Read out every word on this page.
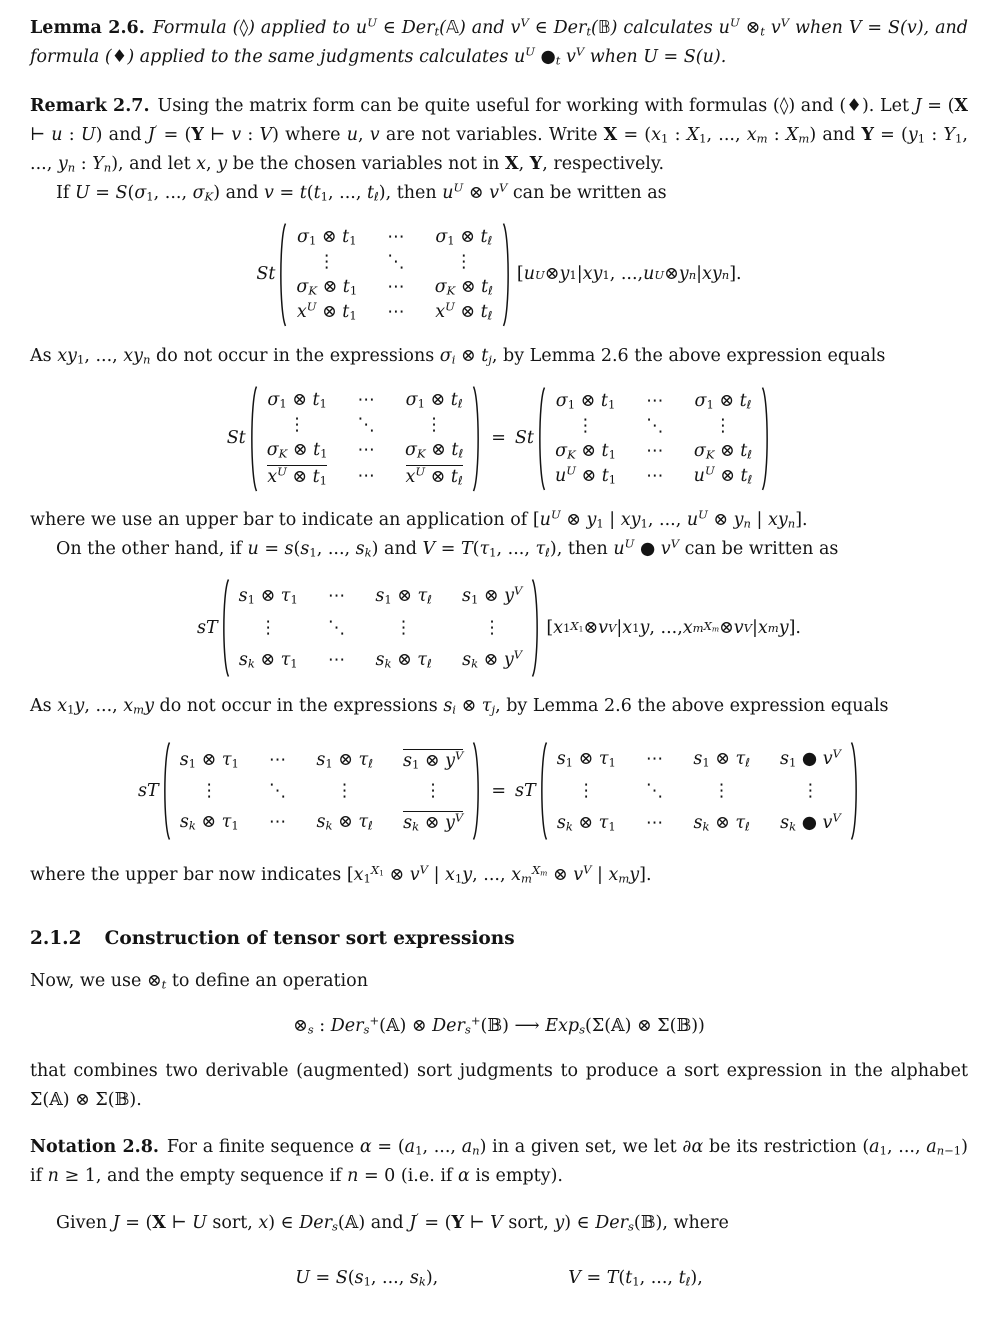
Lemma 2.6. Formula (◊) applied to $u^U$ ∈ Dert(𝔸) and $v^V$ ∈ Dert(𝔹) calculates $u^U$ ⊗t $v^V$ when V = S(v), and formula (♦) applied to the same judgments calculates $u^U$ ●t $v^V$ when U = S(u).

Remark 2.7. Using the matrix form can be quite useful for working with formulas (◊) and (♦). Let J = (X ⊢ u : U) and J′ = (Y ⊢ v : V) where u, v are not variables. Write X = (x1 : X1, ..., xm : Xm) and Y = (y1 : Y1, ..., yn : Yn), and let x, y be the chosen variables not in X, Y, respectively.

If U = S(σ1, ..., σK) and v = t(t1, ..., tℓ), then $u^U$ ⊗ $v^V$ can be written as

St
σ1 ⊗ t1 ⋯ σ1 ⊗ tℓ
⋮	⋱	⋮
σK ⊗ t1 ⋯ σK ⊗ tℓ
$x^U$ ⊗ t1 ⋯ $x^U$ ⊗ tℓ
[ u U ⊗ y 1 | xy 1 , ..., u U ⊗ y n | xy n ].

As xy1, ..., xyn do not occur in the expressions σi ⊗ tj, by Lemma 2.6 the above expression equals

St
σ1 ⊗ t1 ⋯ σ1 ⊗ tℓ
⋮	⋱	⋮
σK ⊗ t1 ⋯ σK ⊗ tℓ
$x^U$ ⊗ t1 ⋯ $x^U$ ⊗ tℓ
= St
σ1 ⊗ t1 ⋯ σ1 ⊗ tℓ
⋮	⋱	⋮
σK ⊗ t1 ⋯ σK ⊗ tℓ
$u^U$ ⊗ t1 ⋯ $u^U$ ⊗ tℓ

where we use an upper bar to indicate an application of [$u^U$ ⊗ y1 | xy1, ..., $u^U$ ⊗ yn | xyn].

On the other hand, if u = s(s1, ..., sk) and V = T(τ1, ..., τℓ), then $u^U$ ● $v^V$ can be written as

sT
s1 ⊗ τ1 ⋯ s1 ⊗ τℓ s1 ⊗ $y^V$
⋮	⋱	⋮	⋮
sk ⊗ τ1 ⋯ sk ⊗ τℓ sk ⊗ $y^V$
[ x 1 X1 ⊗ v V | x 1 y , ..., x m Xm ⊗ v V | x m y ].

As x1y, ..., xmy do not occur in the expressions si ⊗ τj, by Lemma 2.6 the above expression equals

sT
s1 ⊗ τ1 ⋯ s1 ⊗ τℓ s1 ⊗ $y^V$
⋮	⋱	⋮	⋮
sk ⊗ τ1 ⋯ sk ⊗ τℓ sk ⊗ $y^V$
= sT
s1 ⊗ τ1 ⋯ s1 ⊗ τℓ s1 ● $v^V$
⋮	⋱	⋮	⋮
sk ⊗ τ1 ⋯ sk ⊗ τℓ sk ● $v^V$

where the upper bar now indicates [$x1^{X1}$ ⊗ $v^V$ | x1y, ..., $xm^{Xm}$ ⊗ $v^V$ | xmy].

2.1.2 Construction of tensor sort expressions

Now, we use ⊗t to define an operation

⊗s : Ders+(𝔸) ⊗ Ders+(𝔹) ⟶ Exps(Σ(𝔸) ⊗ Σ(𝔹))

that combines two derivable (augmented) sort judgments to produce a sort expression in the alphabet Σ(𝔸) ⊗ Σ(𝔹).

Notation 2.8. For a finite sequence α = (a1, ..., an) in a given set, we let ∂α be its restriction (a1, ..., an−1) if n ≥ 1, and the empty sequence if n = 0 (i.e. if α is empty).

Given J = (X ⊢ U sort, x) ∈ Ders(𝔸) and J′ = (Y ⊢ V sort, y) ∈ Ders(𝔹), where

U = S(s1, ..., sk),	V = T(t1, ..., tℓ),
